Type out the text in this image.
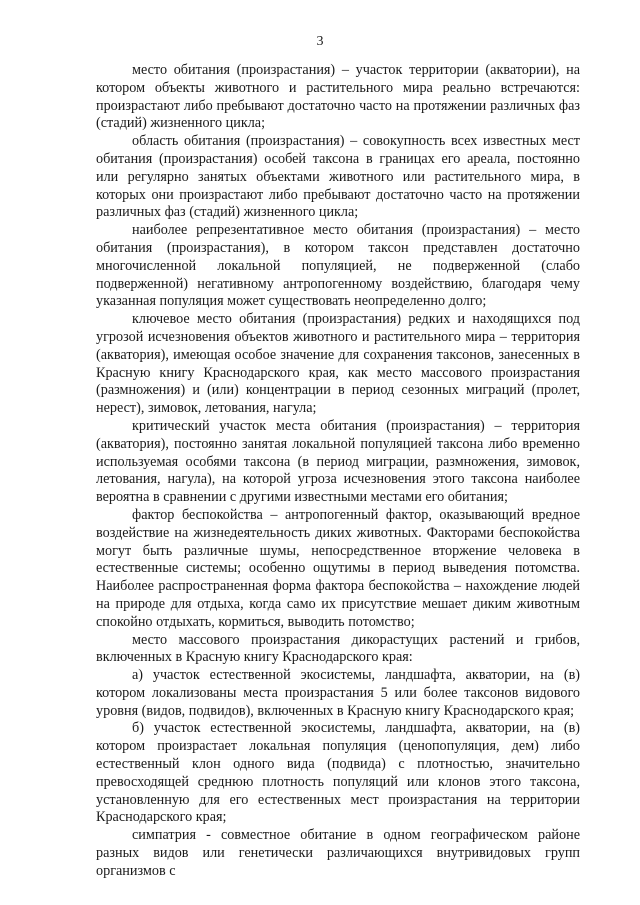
3

место обитания (произрастания) – участок территории (акватории), на котором объекты животного и растительного мира реально встречаются: произрастают либо пребывают достаточно часто на протяжении различных фаз (стадий) жизненного цикла;

область обитания (произрастания) – совокупность всех известных мест обитания (произрастания) особей таксона в границах его ареала, постоянно или регулярно занятых объектами животного или растительного мира, в которых они произрастают либо пребывают достаточно часто на протяжении различных фаз (стадий) жизненного цикла;

наиболее репрезентативное место обитания (произрастания) – место обитания (произрастания), в котором таксон представлен достаточно многочисленной локальной популяцией, не подверженной (слабо подверженной) негативному антропогенному воздействию, благодаря чему указанная популяция может существовать неопределенно долго;

ключевое место обитания (произрастания) редких и находящихся под угрозой исчезновения объектов животного и растительного мира – территория (акватория), имеющая особое значение для сохранения таксонов, занесенных в Красную книгу Краснодарского края, как место массового произрастания (размножения) и (или) концентрации в период сезонных миграций (пролет, нерест), зимовок, летования, нагула;

критический участок места обитания (произрастания) – территория (акватория), постоянно занятая локальной популяцией таксона либо временно используемая особями таксона (в период миграции, размножения, зимовок, летования, нагула), на которой угроза исчезновения этого таксона наиболее вероятна в сравнении с другими известными местами его обитания;

фактор беспокойства – антропогенный фактор, оказывающий вредное воздействие на жизнедеятельность диких животных. Факторами беспокойства могут быть различные шумы, непосредственное вторжение человека в естественные системы; особенно ощутимы в период выведения потомства. Наиболее распространенная форма фактора беспокойства – нахождение людей на природе для отдыха, когда само их присутствие мешает диким животным спокойно отдыхать, кормиться, выводить потомство;

место массового произрастания дикорастущих растений и грибов, включенных в Красную книгу Краснодарского края:

а) участок естественной экосистемы, ландшафта, акватории, на (в) котором локализованы места произрастания 5 или более таксонов видового уровня (видов, подвидов), включенных в Красную книгу Краснодарского края;

б) участок естественной экосистемы, ландшафта, акватории, на (в) котором произрастает локальная популяция (ценопопуляция, дем) либо естественный клон одного вида (подвида) с плотностью, значительно превосходящей среднюю плотность популяций или клонов этого таксона, установленную для его естественных мест произрастания на территории Краснодарского края;

симпатрия - совместное обитание в одном географическом районе разных видов или генетически различающихся внутривидовых групп организмов с
